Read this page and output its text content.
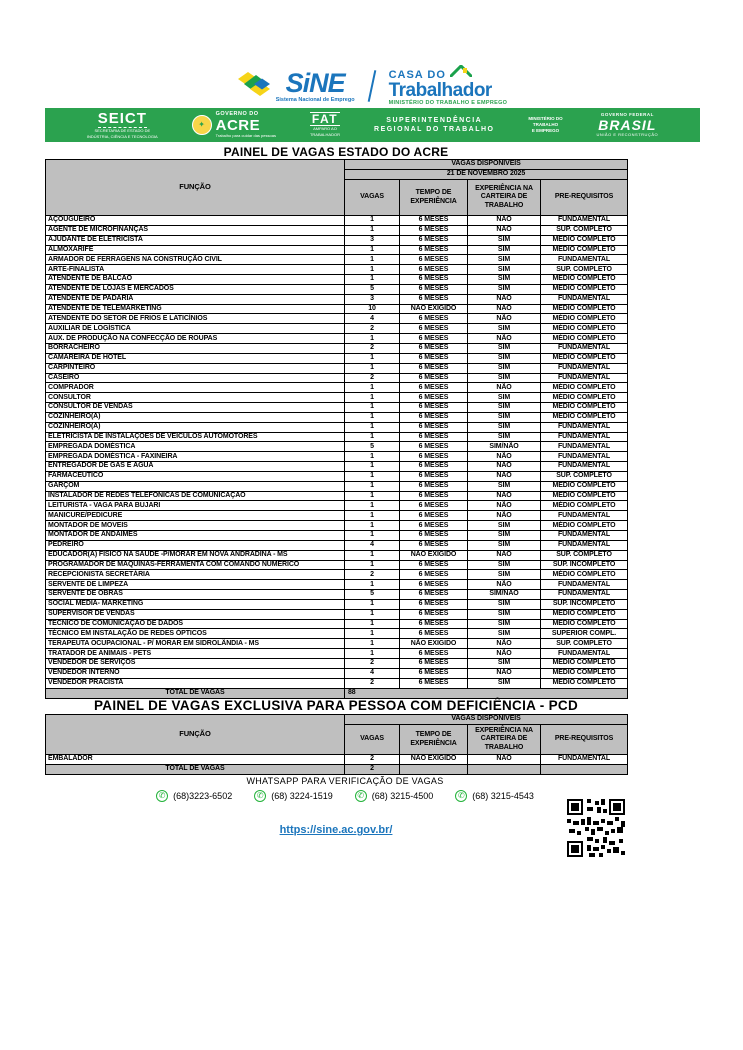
SiNE
Sistema Nacional de Emprego
CASA DO
Trabalhador
MINISTÉRIO DO TRABALHO E EMPREGO
SEICT
SECRETARIA DE ESTADO DE
INDÚSTRIA, CIÊNCIA E TECNOLOGIA
✦
GOVERNO DO
ACRE
Trabalho para cuidar das pessoas
FAT
AMPARO AO
TRABALHADOR
SUPERINTENDÊNCIA
REGIONAL DO TRABALHO
MINISTÉRIO DO
TRABALHO
E EMPREGO
GOVERNO FEDERAL
BRASIL
UNIÃO E RECONSTRUÇÃO
PAINEL DE VAGAS ESTADO DO ACRE
FUNÇÃO	VAGAS DISPONÍVEIS			
	21 DE NOVEMBRO 2025			
	VAGAS	TEMPO DE EXPERIÊNCIA	EXPERIÊNCIA NA CARTEIRA DE TRABALHO	PRE-REQUISITOS
AÇOUGUEIRO	1	6 MESES	NÃO	FUNDAMENTAL
AGENTE DE MICROFINANÇAS	1	6 MESES	NÃO	SUP. COMPLETO
AJUDANTE DE ELETRICISTA	3	6 MESES	SIM	MÉDIO COMPLETO
ALMOXARIFE	1	6 MESES	SIM	MÉDIO COMPLETO
ARMADOR DE FERRAGENS NA CONSTRUÇÃO CIVIL	1	6 MESES	SIM	FUNDAMENTAL
ARTE-FINALISTA	1	6 MESES	SIM	SUP. COMPLETO
ATENDENTE DE BALCÃO	1	6 MESES	SIM	MÉDIO COMPLETO
ATENDENTE DE LOJAS E MERCADOS	5	6 MESES	SIM	MÉDIO COMPLETO
ATENDENTE DE PADARIA	3	6 MESES	NÃO	FUNDAMENTAL
ATENDENTE DE TELEMARKETING	10	NÃO EXIGIDO	NÃO	MÉDIO COMPLETO
ATENDENTE DO SETOR DE FRIOS E LATICÍNIOS	4	6 MESES	NÃO	MÉDIO COMPLETO
AUXILIAR DE LOGÍSTICA	2	6 MESES	SIM	MÉDIO COMPLETO
AUX. DE PRODUÇÃO NA CONFECÇÃO DE ROUPAS	1	6 MESES	NÃO	MÉDIO COMPLETO
BORRACHEIRO	2	6 MESES	SIM	FUNDAMENTAL
CAMAREIRA DE HOTEL	1	6 MESES	SIM	MÉDIO COMPLETO
CARPINTEIRO	1	6 MESES	SIM	FUNDAMENTAL
CASEIRO	2	6 MESES	SIM	FUNDAMENTAL
COMPRADOR	1	6 MESES	NÃO	MÉDIO COMPLETO
CONSULTOR	1	6 MESES	SIM	MÉDIO COMPLETO
CONSULTOR DE VENDAS	1	6 MESES	SIM	MÉDIO COMPLETO
COZINHEIRO(A)	1	6 MESES	SIM	MÉDIO COMPLETO
COZINHEIRO(A)	1	6 MESES	SIM	FUNDAMENTAL
ELETRICISTA DE INSTALAÇÕES DE VEICULOS AUTOMOTORES	1	6 MESES	SIM	FUNDAMENTAL
EMPREGADA DOMÉSTICA	5	6 MESES	SIM/NÃO	FUNDAMENTAL
EMPREGADA DOMÉSTICA - FAXINEIRA	1	6 MESES	NÃO	FUNDAMENTAL
ENTREGADOR DE GÁS E ÁGUA	1	6 MESES	NÃO	FUNDAMENTAL
FARMACÊUTICO	1	6 MESES	NÃO	SUP. COMPLETO
GARÇOM	1	6 MESES	SIM	MÉDIO COMPLETO
INSTALADOR DE REDES TELEFÔNICAS DE COMUNICAÇÃO	1	6 MESES	NÃO	MÉDIO COMPLETO
LEITURISTA - VAGA PARA BUJARI	1	6 MESES	NÃO	MÉDIO COMPLETO
MANICURE/PEDICURE	1	6 MESES	NÃO	FUNDAMENTAL
MONTADOR DE MOVEIS	1	6 MESES	SIM	MÉDIO COMPLETO
MONTADOR DE ANDAIMES	1	6 MESES	SIM	FUNDAMENTAL
PEDREIRO	4	6 MESES	SIM	FUNDAMENTAL
EDUCADOR(A) FÍSICO NA SAÚDE -P/MORAR EM NOVA ANDRADINA - MS	1	NÃO EXIGIDO	NÃO	SUP. COMPLETO
PROGRAMADOR DE MÁQUINAS-FERRAMENTA COM COMANDO NUMÉRICO	1	6 MESES	SIM	SUP. INCOMPLETO
RECEPCIONISTA SECRETÁRIA	2	6 MESES	SIM	MÉDIO COMPLETO
SERVENTE DE LIMPEZA	1	6 MESES	NÃO	FUNDAMENTAL
SERVENTE DE OBRAS	5	6 MESES	SIM/NÃO	FUNDAMENTAL
SOCIAL MEDIA- MARKETING	1	6 MESES	SIM	SUP. INCOMPLETO
SUPERVISOR DE VENDAS	1	6 MESES	SIM	MÉDIO COMPLETO
TÉCNICO DE COMUNICAÇÃO DE DADOS	1	6 MESES	SIM	MÉDIO COMPLETO
TÉCNICO EM INSTALAÇÃO DE REDES ÓPTICOS	1	6 MESES	SIM	SUPERIOR COMPL.
TERAPEUTA OCUPACIONAL - P/ MORAR EM SIDROLÂNDIA - MS	1	NÃO EXIGIDO	NÃO	SUP. COMPLETO
TRATADOR DE ANIMAIS - PETS	1	6 MESES	NÃO	FUNDAMENTAL
VENDEDOR DE SERVIÇOS	2	6 MESES	SIM	MÉDIO COMPLETO
VENDEDOR INTERNO	4	6 MESES	NÃO	MÉDIO COMPLETO
VENDEDOR PRACISTA	2	6 MESES	SIM	MÉDIO COMPLETO
TOTAL DE VAGAS	88			
PAINEL DE VAGAS EXCLUSIVA PARA PESSOA COM DEFICIÊNCIA - PCD
FUNÇÃO	VAGAS DISPONÍVEIS			
	VAGAS	TEMPO DE EXPERIÊNCIA	EXPERIÊNCIA NA CARTEIRA DE TRABALHO	PRE-REQUISITOS
EMBALADOR	2	NÃO EXIGIDO	NÃO	FUNDAMENTAL
TOTAL DE VAGAS	2			
WHATSAPP PARA VERIFICAÇÃO DE VAGAS
✆ (68)3223-6502	✆ (68) 3224-1519	✆ (68) 3215-4500	✆ (68) 3215-4543
https://sine.ac.gov.br/
